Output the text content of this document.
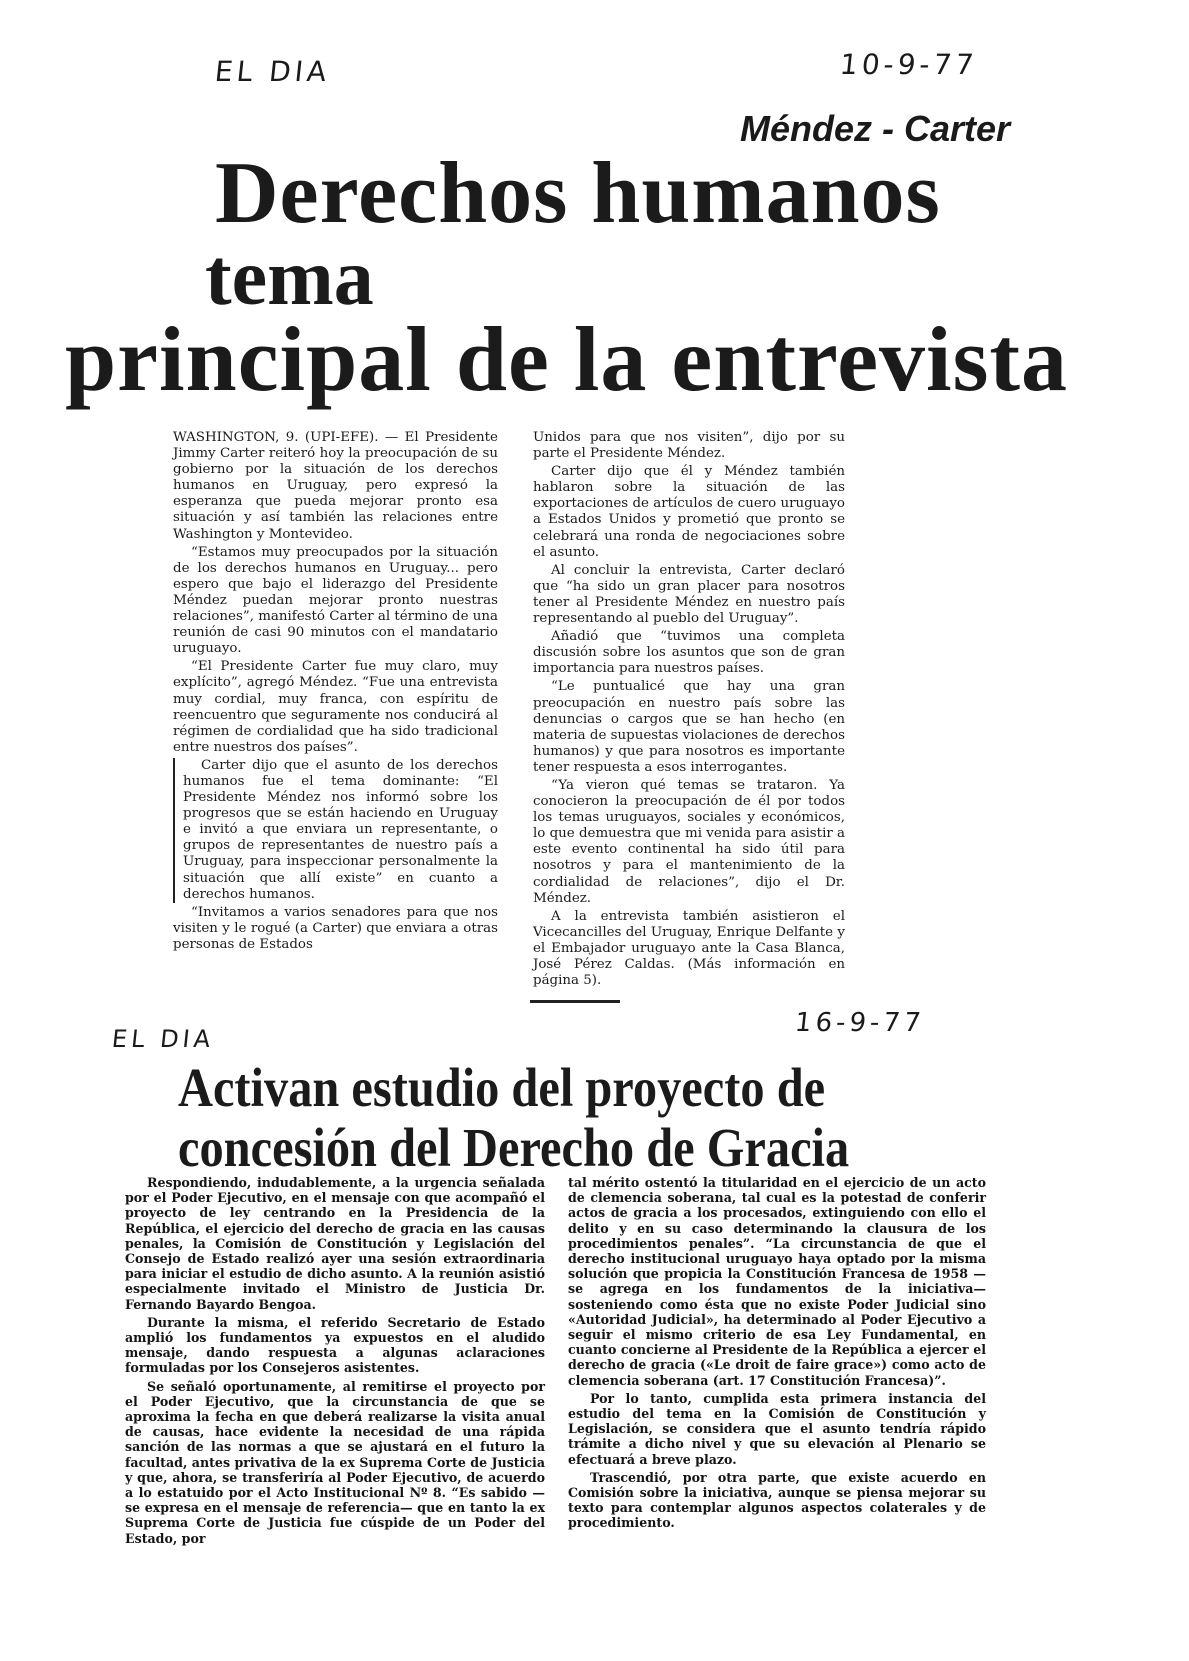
EL DIA	10-9-77
Méndez - Carter
Derechos humanos
tema
principal de la entrevista

WASHINGTON, 9. (UPI-EFE). — El Presidente Jimmy Carter reiteró hoy la preocupación de su gobierno por la situación de los derechos humanos en Uruguay, pero expresó la esperanza que pueda mejorar pronto esa situación y así también las relaciones entre Washington y Montevideo.

“Estamos muy preocupados por la situación de los derechos humanos en Uruguay... pero espero que bajo el liderazgo del Presidente Méndez puedan mejorar pronto nuestras relaciones”, manifestó Carter al término de una reunión de casi 90 minutos con el mandatario uruguayo.

“El Presidente Carter fue muy claro, muy explícito”, agregó Méndez. “Fue una entrevista muy cordial, muy franca, con espíritu de reencuentro que seguramente nos conducirá al régimen de cordialidad que ha sido tradicional entre nuestros dos países”.

Carter dijo que el asunto de los derechos humanos fue el tema dominante: “El Presidente Méndez nos informó sobre los progresos que se están haciendo en Uruguay e invitó a que enviara un representante, o grupos de representantes de nuestro país a Uruguay, para inspeccionar personalmente la situación que allí existe” en cuanto a derechos humanos.

“Invitamos a varios senadores para que nos visiten y le rogué (a Carter) que enviara a otras personas de Estados

Unidos para que nos visiten”, dijo por su parte el Presidente Méndez.

Carter dijo que él y Méndez también hablaron sobre la situación de las exportaciones de artículos de cuero uruguayo a Estados Unidos y prometió que pronto se celebrará una ronda de negociaciones sobre el asunto.

Al concluir la entrevista, Carter declaró que “ha sido un gran placer para nosotros tener al Presidente Méndez en nuestro país representando al pueblo del Uruguay”.

Añadió que “tuvimos una completa discusión sobre los asuntos que son de gran importancia para nuestros países.

“Le puntualicé que hay una gran preocupación en nuestro país sobre las denuncias o cargos que se han hecho (en materia de supuestas violaciones de derechos humanos) y que para nosotros es importante tener respuesta a esos interrogantes.

“Ya vieron qué temas se trataron. Ya conocieron la preocupación de él por todos los temas uruguayos, sociales y económicos, lo que demuestra que mi venida para asistir a este evento continental ha sido útil para nosotros y para el mantenimiento de la cordialidad de relaciones”, dijo el Dr. Méndez.

A la entrevista también asistieron el Vicecancilles del Uruguay, Enrique Delfante y el Embajador uruguayo ante la Casa Blanca, José Pérez Caldas. (Más información en página 5).

EL DIA
16-9-77
Activan estudio del proyecto de
concesión del Derecho de Gracia

Respondiendo, indudablemente, a la urgencia señalada por el Poder Ejecutivo, en el mensaje con que acompañó el proyecto de ley centrando en la Presidencia de la República, el ejercicio del derecho de gracia en las causas penales, la Comisión de Constitución y Legislación del Consejo de Estado realizó ayer una sesión extraordinaria para iniciar el estudio de dicho asunto. A la reunión asistió especialmente invitado el Ministro de Justicia Dr. Fernando Bayardo Bengoa.

Durante la misma, el referido Secretario de Estado amplió los fundamentos ya expuestos en el aludido mensaje, dando respuesta a algunas aclaraciones formuladas por los Consejeros asistentes.

Se señaló oportunamente, al remitirse el proyecto por el Poder Ejecutivo, que la circunstancia de que se aproxima la fecha en que deberá realizarse la visita anual de causas, hace evidente la necesidad de una rápida sanción de las normas a que se ajustará en el futuro la facultad, antes privativa de la ex Suprema Corte de Justicia y que, ahora, se transferiría al Poder Ejecutivo, de acuerdo a lo estatuido por el Acto Institucional Nº 8. “Es sabido —se expresa en el mensaje de referencia— que en tanto la ex Suprema Corte de Justicia fue cúspide de un Poder del Estado, por

tal mérito ostentó la titularidad en el ejercicio de un acto de clemencia soberana, tal cual es la potestad de conferir actos de gracia a los procesados, extinguiendo con ello el delito y en su caso determinando la clausura de los procedimientos penales”. “La circunstancia de que el derecho institucional uruguayo haya optado por la misma solución que propicia la Constitución Francesa de 1958 —se agrega en los fundamentos de la iniciativa— sosteniendo como ésta que no existe Poder Judicial sino «Autoridad Judicial», ha determinado al Poder Ejecutivo a seguir el mismo criterio de esa Ley Fundamental, en cuanto concierne al Presidente de la República a ejercer el derecho de gracia («Le droit de faire grace») como acto de clemencia soberana (art. 17 Constitución Francesa)”.

Por lo tanto, cumplida esta primera instancia del estudio del tema en la Comisión de Constitución y Legislación, se considera que el asunto tendría rápido trámite a dicho nivel y que su elevación al Plenario se efectuará a breve plazo.

Trascendió, por otra parte, que existe acuerdo en Comisión sobre la iniciativa, aunque se piensa mejorar su texto para contemplar algunos aspectos colaterales y de procedimiento.
